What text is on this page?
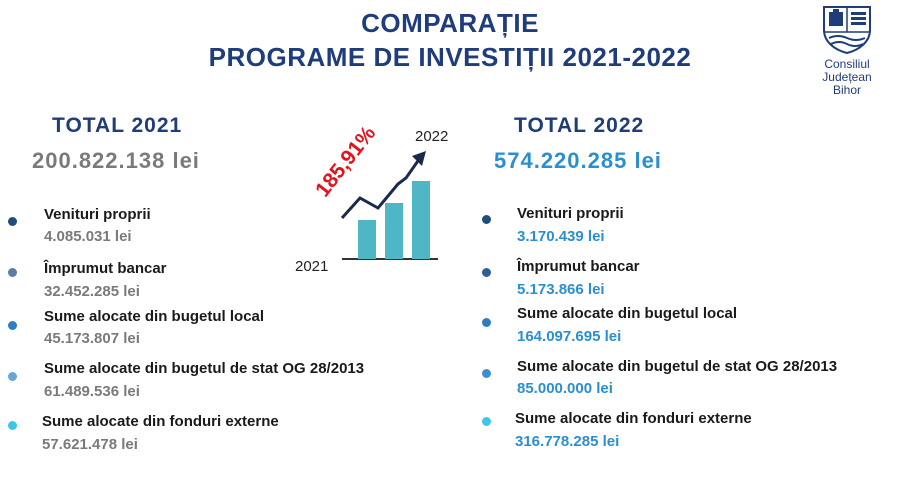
COMPARAȚIE
PROGRAME DE INVESTIȚII 2021-2022	Consiliul
Județean
Bihor
TOTAL 2021
200.822.138 lei
TOTAL 2022
574.220.285 lei
2021
2022
185,91%
Venituri proprii
4.085.031 lei
Împrumut bancar
32.452.285 lei
Sume alocate din bugetul local
45.173.807 lei
Sume alocate din bugetul de stat OG 28/2013
61.489.536 lei
Sume alocate din fonduri externe
57.621.478 lei
Venituri proprii
3.170.439 lei
Împrumut bancar
5.173.866 lei
Sume alocate din bugetul local
164.097.695 lei
Sume alocate din bugetul de stat OG 28/2013
85.000.000 lei
Sume alocate din fonduri externe
316.778.285 lei
